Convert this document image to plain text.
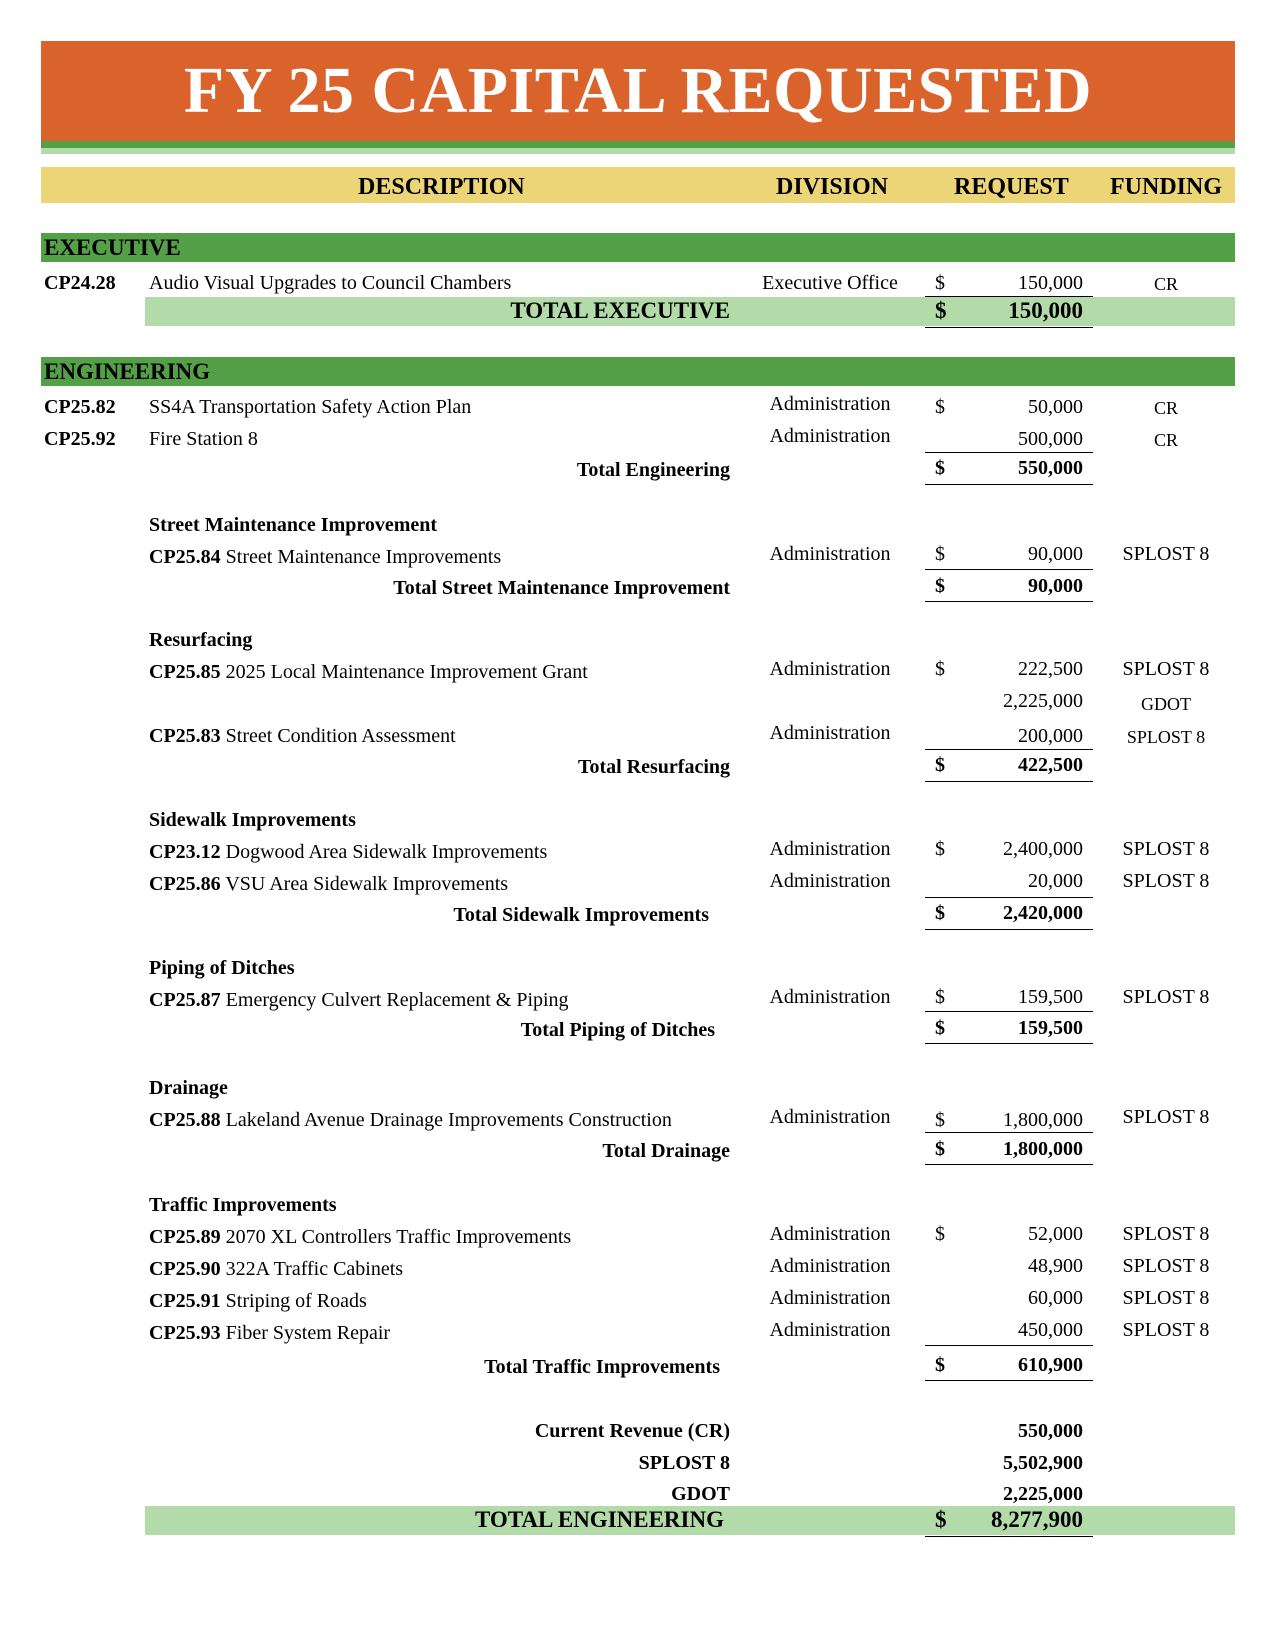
FY 25 CAPITAL REQUESTED
DESCRIPTION	DIVISION	REQUEST FUNDING
EXECUTIVE
CP24.28 Audio Visual Upgrades to Council Chambers	Executive Office	$	150,000	CR
TOTAL EXECUTIVE	$	150,000
ENGINEERING
CP25.82 SS4A Transportation Safety Action Plan	Administration	$	50,000	CR
CP25.92 Fire Station 8	Administration	500,000	CR
Total Engineering	$	550,000
Street Maintenance Improvement
CP25.84 Street Maintenance Improvements	Administration	$	90,000	SPLOST 8
Total Street Maintenance Improvement	$	90,000
Resurfacing
CP25.85 2025 Local Maintenance Improvement Grant	Administration	$	222,500	SPLOST 8
2,225,000	GDOT
CP25.83 Street Condition Assessment	Administration	200,000	SPLOST 8
Total Resurfacing	$	422,500
Sidewalk Improvements
CP23.12 Dogwood Area Sidewalk Improvements	Administration	$	2,400,000	SPLOST 8
CP25.86 VSU Area Sidewalk Improvements	Administration	20,000	SPLOST 8
Total Sidewalk Improvements	$	2,420,000
Piping of Ditches
CP25.87 Emergency Culvert Replacement & Piping	Administration	$	159,500	SPLOST 8
Total Piping of Ditches	$	159,500
Drainage
CP25.88 Lakeland Avenue Drainage Improvements Construction	Administration	$	1,800,000	SPLOST 8
Total Drainage	$	1,800,000
Traffic Improvements
CP25.89 2070 XL Controllers Traffic Improvements	Administration	$	52,000	SPLOST 8
CP25.90 322A Traffic Cabinets	Administration	48,900	SPLOST 8
CP25.91 Striping of Roads	Administration	60,000	SPLOST 8
CP25.93 Fiber System Repair	Administration	450,000	SPLOST 8
Total Traffic Improvements	$	610,900
Current Revenue (CR)	550,000
SPLOST 8	5,502,900
GDOT	2,225,000
TOTAL ENGINEERING	$ 8,277,900
